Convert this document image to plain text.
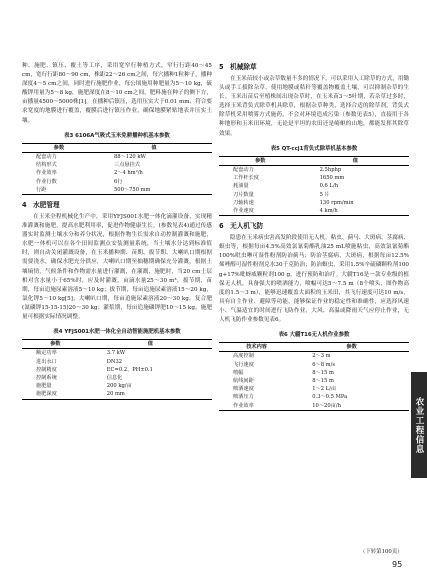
种、施肥、镇压、覆土等工序，采用宽窄行种植方式，窄行行距40～45 cm，宽行行距80～90 cm，株距22～26 cm之间，每穴播种1粒种子，播种深度4～5 cm之间，同时进行施肥作业，每公顷施用种肥量为5～10 kg，硫酸钾用量为5～8 kg，施肥深度在8～10 cm之间，肥料施在种子的侧下方，亩播量4500～5000株[1]。在播种后镇压，选用压实大于0.01 mm、符合要求宽度的地膜进行覆盖，覆膜后进行镇压作业，确保地膜紧贴地表并压实土壤。

表3 6106A气吸式玉米免耕播种机基本参数
参数	值
配套动力	88～120 kW
结构形式	三点悬挂式
作业效率	2～4 hm²/h
作业行数	6行
行距	500～750 mm
4　水肥管理

在玉米全程机械化生产中，采用YFJS001水肥一体化滴灌设备，实现精准灌溉和施肥，提高水肥利用率，促进作物健康生长。(参数见表4)通过传感器实时监测土壤水分和养分状况，根据作物生长需求自动控制灌溉和施肥，水肥一体机可以在各个田间监测点安装测量系统，当土壤水分达到标准值时，则自动关闭灌溉设备，在玉米播种期、苗期、拔节期、大喇叭口期根据需要浇水，确保水肥充分供应，大喇叭口期至抽穗期确保充分灌溉，根据土壤墒情，气候条件和作物需水量进行灌溉，在灌溉、施肥时，当20 cm土层相对含水量小于65%时，应及时灌溉，亩滴水量25～30 m³，拔节期、苗期，每亩追施尿素溶液5～10 kg；拔节期，每亩追施尿素溶液15～20 kg，氯化钾5～10 kg[5]；大喇叭口期，每亩追施尿素溶液20～30 kg，复合肥(氮磷钾15-15-15)20～30 kg；灌浆期，每亩追施磷钾肥10～15 kg。施肥量可根据实际情况调整。

表4 YFJS001水肥一体化全自动智能施肥机基本参数
参数	值
额定功率	3.7 kW
进出水口	DN32
控制精度	EC=0.2、PH±0.1
控制系统	信息化
施肥量	200 kg/亩
施肥深度	20 mm
5　机械除草

在玉米苗较小或杂草数量不多的情况下，可以采用人工除草的方式，用锄头或手工拔除杂草。使用地膜或秸秆等覆盖物覆盖土壤，可以抑制杂草的生长。玉米出苗后至植株间出现杂草时，在玉米苗3～5叶期，若杂草过多时，选择玉米背负式除草机具除草，根据杂草种类，选择合适的除草剂，背负式除草机采用喷雾方式施药，不会对环境造成污染（参数见表5），直接用于各种地形和玉米田环境，无论是平坦的农田还是崎岖的山地，都能发挥其除草效果。

表5 QT-ccj1背负式除草机基本参数
参数	值
配套动力	2.5hphp
工作杆长度	1650 mm
耗油量	0.6 L/h
刀片数量	5 片
刀轴转速	130 rpm/min
作业速度	4 km/h
6　无人机飞防

隐患在玉米病虫害高发阶段使用无人机，粘虫、蓟马、大斑病、茎腐病、螟虫等，根据每亩4.5%高效氯氰菊酯乳油25 mL喷施粘虫，高效氯氰菊酯100%吡虫啉可湿性粉剂防治蓟马；防治茎腐病，大斑病，根据每亩12.5%烯唑醇可湿性粉剂兑水30千克防治；防治螟虫，采用1.5%辛硫磷颗粒剂100 g+17%吡蚜威颗粒剂100 g，进行预防和治疗。大疆T16是一款专业级的植保无人机，具备强大的喷洒能力，喷幅可达5～7.5 m（8个喷头，图作物高度的1.5～3 m），能够迅速覆盖大面积的玉米田，其飞行速度可达10 m/s，具有自主作业、避障等功能，能够保证作业的稳定性和准确性，应选择风速小、气温适宜的时间进行飞防作业，大风、高温或降雨天气应停止作业，无人机飞防作业参数见表6。

表6 大疆T16无人机作业参数
技术内容	参数
高度控制	2～3 m
飞行速度	6～8 m/s
喷幅	8～15 m
航线间距	8～15 m
喷洒速度	1～2 L/亩
喷洒压力	0.3～0.5 MPa
作业效率	10～20亩/h
（下转第100页）
农业工程信息
95
